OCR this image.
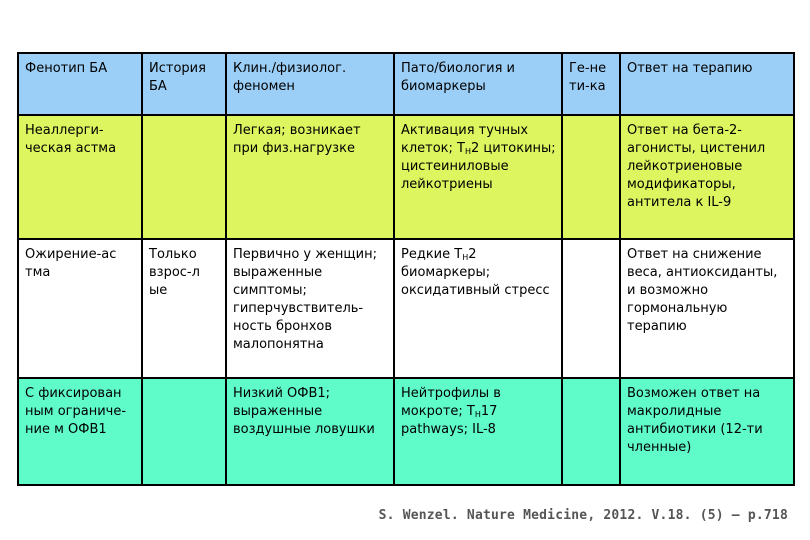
Фенотип БА	История БА	Клин./физиолог. феномен	Пато/биология и биомаркеры	Ге-не ти-ка	Ответ на терапию
Неаллерги-ческая астма		Легкая; возникает при физ.нагрузке	Активация тучных клеток; $T_H2$ цитокины; цистеиниловые лейкотриены		Ответ на бета-2-агонисты, цистенил лейкотриеновые модификаторы, антитела к IL-9
Ожирение-ас тма	Только взрос-л ые	Первично у женщин; выраженные симптомы; гиперчувствитель-ность бронхов малопонятна	Редкие $T_H2$ биомаркеры; оксидативный стресс		Ответ на снижение веса, антиоксиданты, и возможно гормональную терапию
С фиксирован ным ограниче-ние м ОФВ1		Низкий ОФВ1; выраженные воздушные ловушки	Нейтрофилы в мокроте; $T_H17$ pathways; IL-8		Возможен ответ на макролидные антибиотики (12-ти членные)
S. Wenzel. Nature Medicine, 2012. V.18. (5) – p.718
